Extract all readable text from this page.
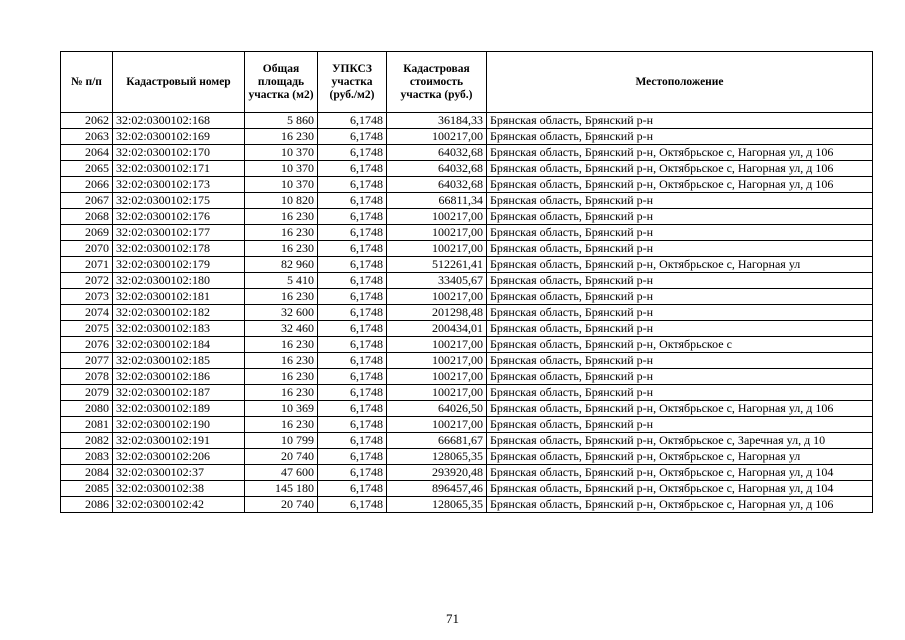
№ п/п	Кадастровый номер	Общая площадь участка (м2)	УПКСЗ участка (руб./м2)	Кадастровая стоимость участка (руб.)	Местоположение
2062	32:02:0300102:168	5 860	6,1748	36184,33	Брянская область, Брянский р-н
2063	32:02:0300102:169	16 230	6,1748	100217,00	Брянская область, Брянский р-н
2064	32:02:0300102:170	10 370	6,1748	64032,68	Брянская область, Брянский р-н, Октябрьское с, Нагорная ул, д 106
2065	32:02:0300102:171	10 370	6,1748	64032,68	Брянская область, Брянский р-н, Октябрьское с, Нагорная ул, д 106
2066	32:02:0300102:173	10 370	6,1748	64032,68	Брянская область, Брянский р-н, Октябрьское с, Нагорная ул, д 106
2067	32:02:0300102:175	10 820	6,1748	66811,34	Брянская область, Брянский р-н
2068	32:02:0300102:176	16 230	6,1748	100217,00	Брянская область, Брянский р-н
2069	32:02:0300102:177	16 230	6,1748	100217,00	Брянская область, Брянский р-н
2070	32:02:0300102:178	16 230	6,1748	100217,00	Брянская область, Брянский р-н
2071	32:02:0300102:179	82 960	6,1748	512261,41	Брянская область, Брянский р-н, Октябрьское с, Нагорная ул
2072	32:02:0300102:180	5 410	6,1748	33405,67	Брянская область, Брянский р-н
2073	32:02:0300102:181	16 230	6,1748	100217,00	Брянская область, Брянский р-н
2074	32:02:0300102:182	32 600	6,1748	201298,48	Брянская область, Брянский р-н
2075	32:02:0300102:183	32 460	6,1748	200434,01	Брянская область, Брянский р-н
2076	32:02:0300102:184	16 230	6,1748	100217,00	Брянская область, Брянский р-н, Октябрьское с
2077	32:02:0300102:185	16 230	6,1748	100217,00	Брянская область, Брянский р-н
2078	32:02:0300102:186	16 230	6,1748	100217,00	Брянская область, Брянский р-н
2079	32:02:0300102:187	16 230	6,1748	100217,00	Брянская область, Брянский р-н
2080	32:02:0300102:189	10 369	6,1748	64026,50	Брянская область, Брянский р-н, Октябрьское с, Нагорная ул, д 106
2081	32:02:0300102:190	16 230	6,1748	100217,00	Брянская область, Брянский р-н
2082	32:02:0300102:191	10 799	6,1748	66681,67	Брянская область, Брянский р-н, Октябрьское с, Заречная ул, д 10
2083	32:02:0300102:206	20 740	6,1748	128065,35	Брянская область, Брянский р-н, Октябрьское с, Нагорная ул
2084	32:02:0300102:37	47 600	6,1748	293920,48	Брянская область, Брянский р-н, Октябрьское с, Нагорная ул, д 104
2085	32:02:0300102:38	145 180	6,1748	896457,46	Брянская область, Брянский р-н, Октябрьское с, Нагорная ул, д 104
2086	32:02:0300102:42	20 740	6,1748	128065,35	Брянская область, Брянский р-н, Октябрьское с, Нагорная ул, д 106
71
